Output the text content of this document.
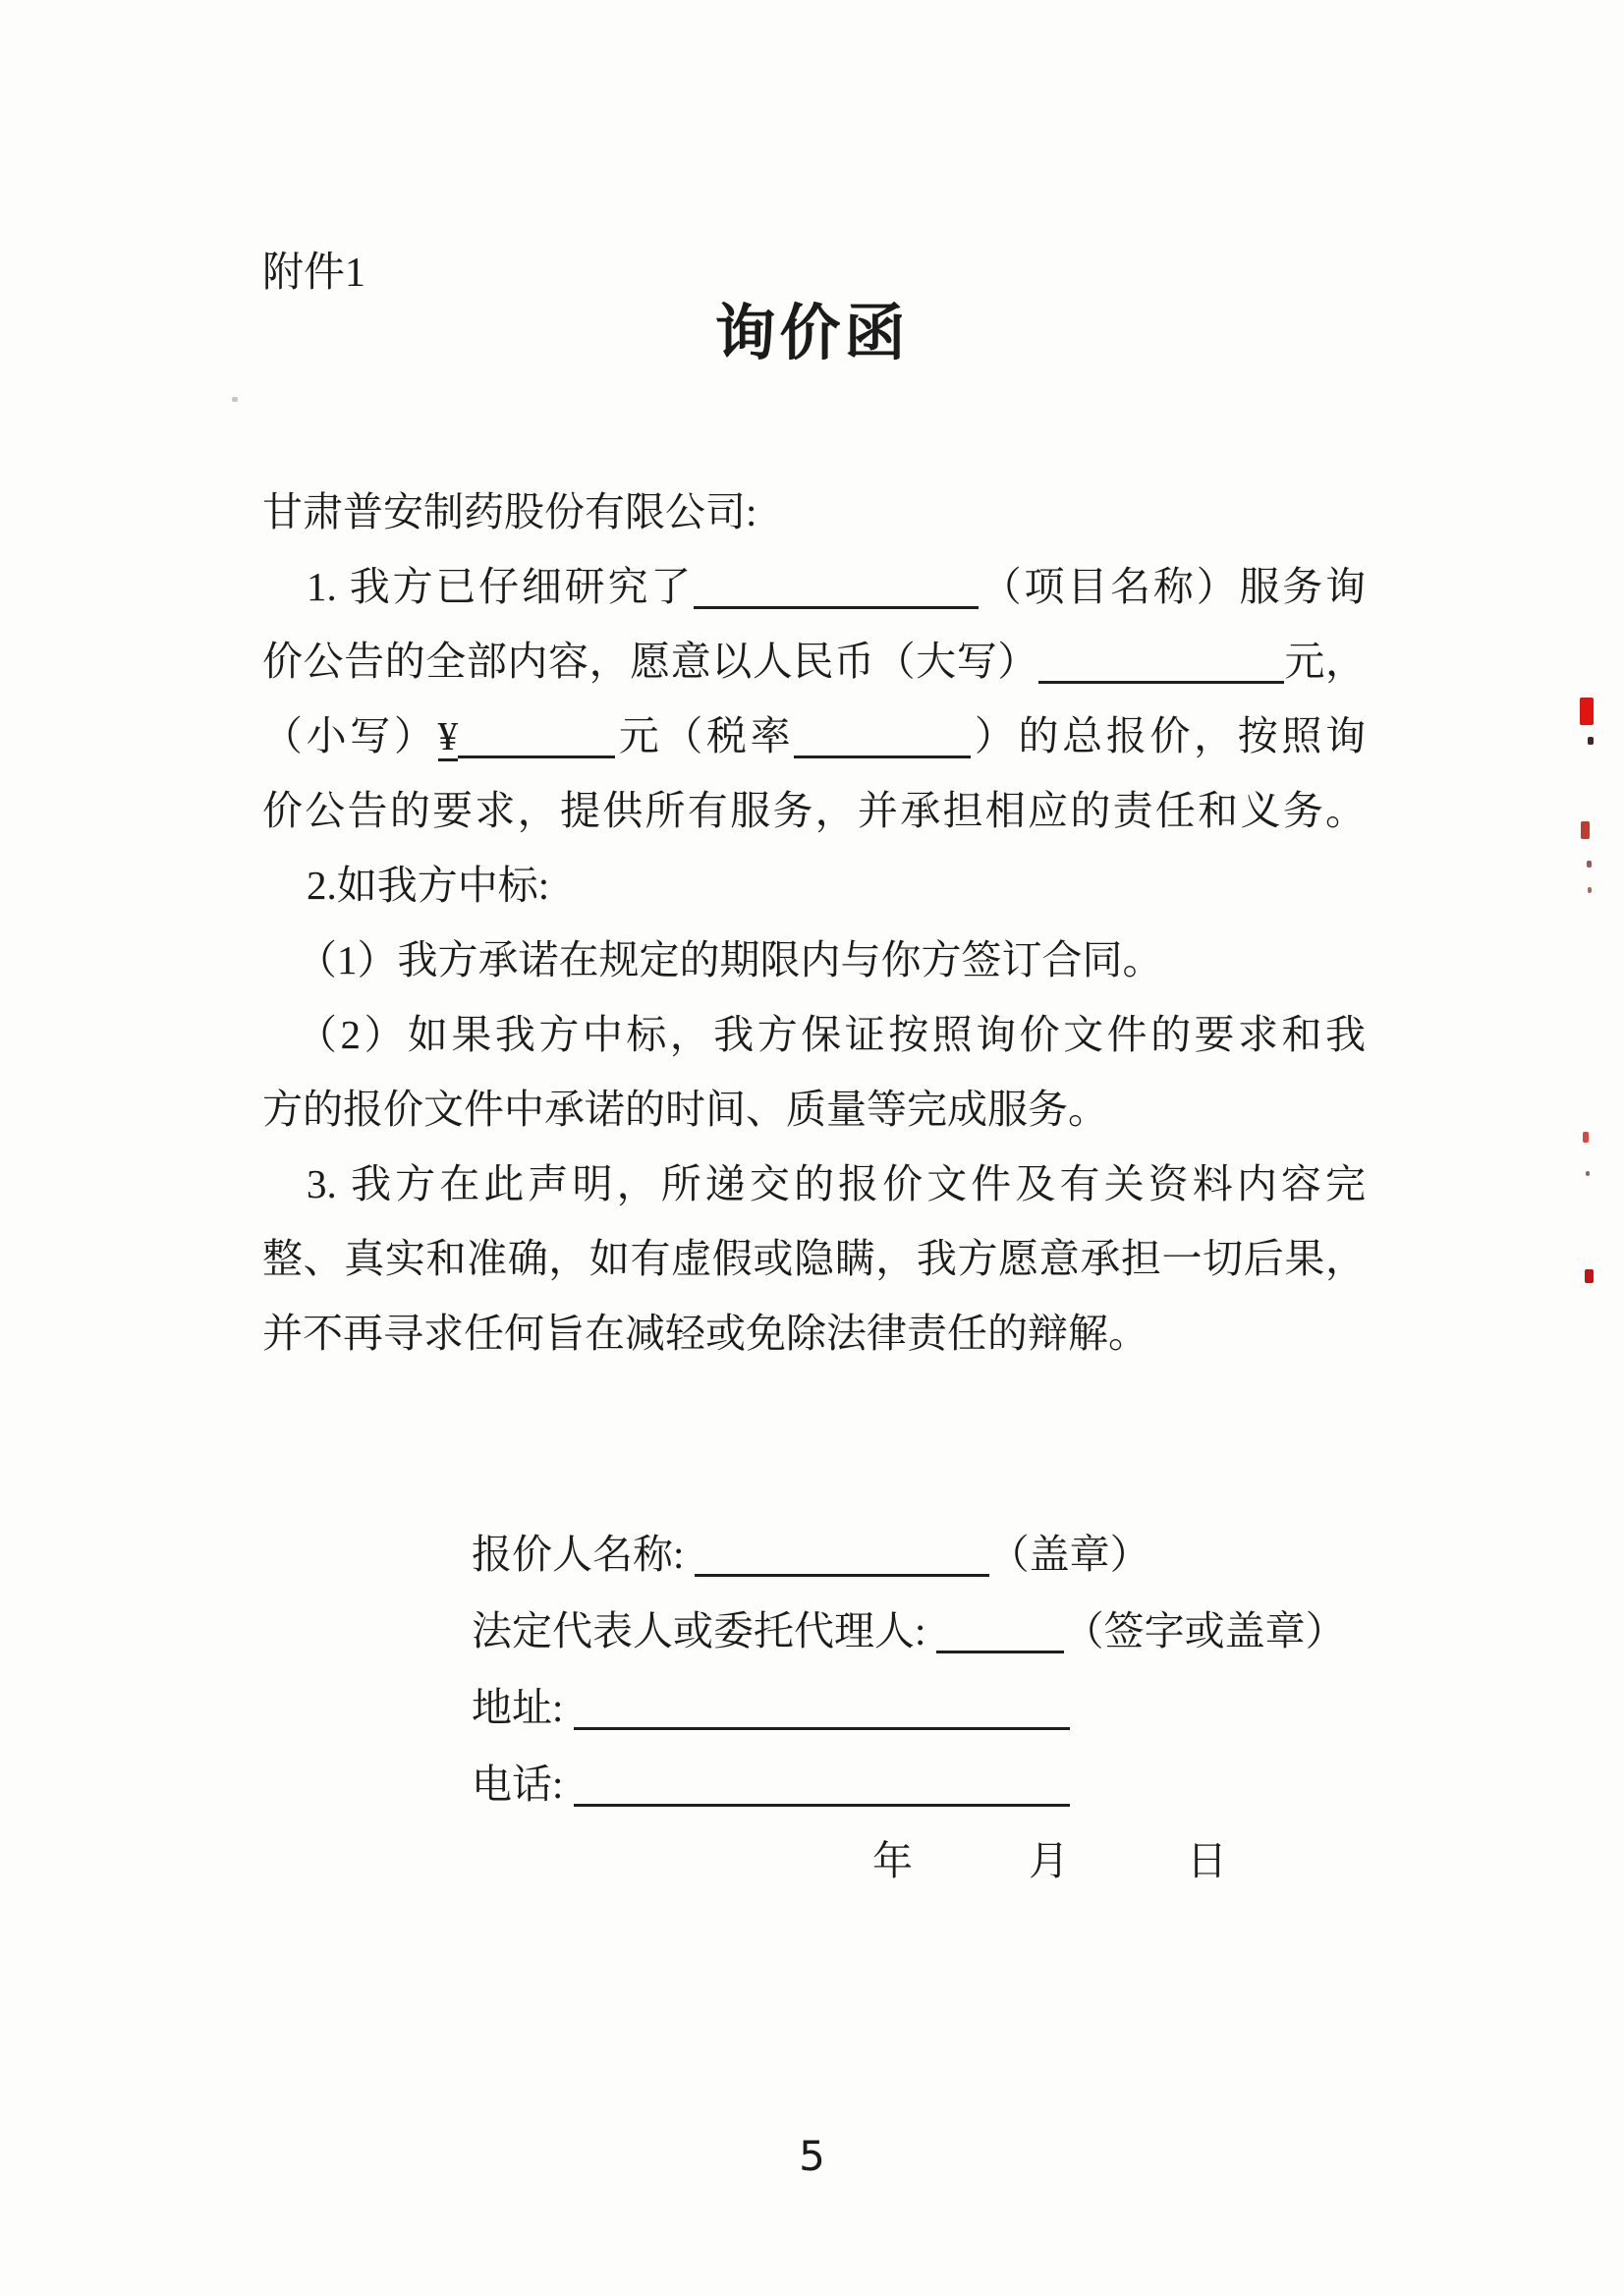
附件1
询价函
甘肃普安制药股份有限公司:
1. 我方已仔细研究了	（项目名称）服务询
价公告的全部内容，愿意以人民币（大写）	元，
（小写）¥	元（税率	）的总报价，按照询
价公告的要求，提供所有服务，并承担相应的责任和义务。
2.如我方中标:
（1）我方承诺在规定的期限内与你方签订合同。
（2）如果我方中标，我方保证按照询价文件的要求和我
方的报价文件中承诺的时间、质量等完成服务。
3. 我方在此声明，所递交的报价文件及有关资料内容完
整、真实和准确，如有虚假或隐瞒，我方愿意承担一切后果，
并不再寻求任何旨在减轻或免除法律责任的辩解。
报价人名称:	（盖章）
法定代表人或委托代理人:	（签字或盖章）
地址:
电话:
年	月	日
5
